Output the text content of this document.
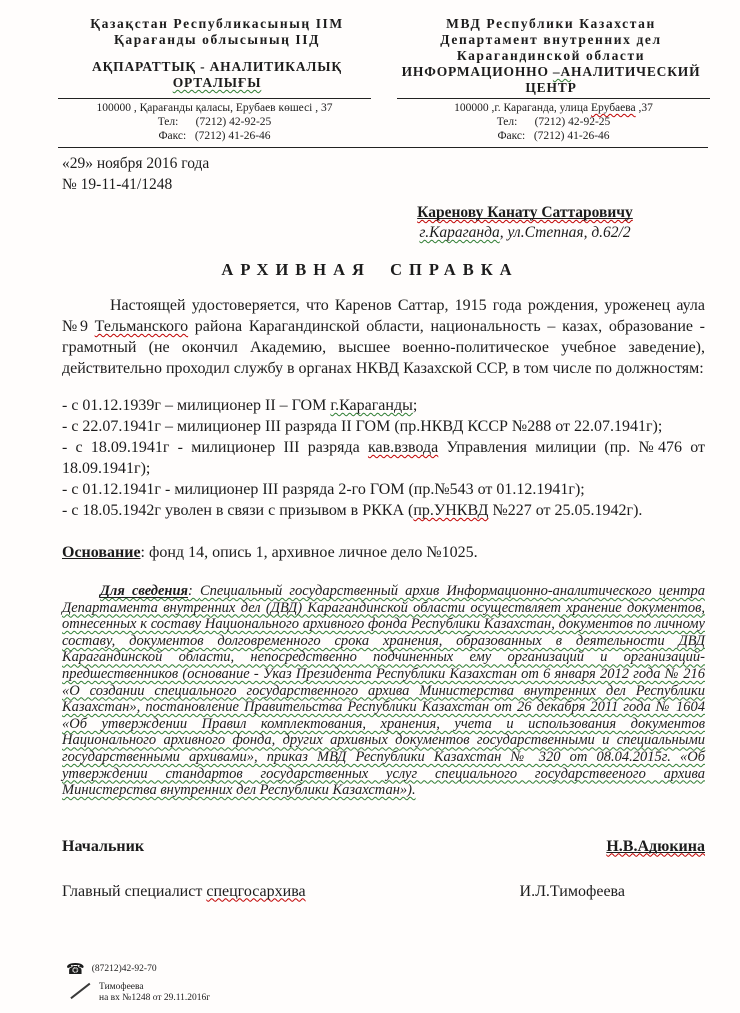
Қазақстан Республикасының ІІМ
Қарағанды облысының ІІД
АҚПАРАТТЫҚ - АНАЛИТИКАЛЫҚ
ОРТАЛЫҒЫ
МВД Республики Казахстан
Департамент внутренних дел
Карагандинской области
ИНФОРМАЦИОННО –АНАЛИТИЧЕСКИЙ
ЦЕНТР
100000 , Қарағанды қаласы, Ерубаев көшесі , 37
Тел:      (7212) 42-92-25
Факс:   (7212) 41-26-46
100000 ,г. Караганда, улица Ерубаева ,37
Тел:      (7212) 42-92-25
Факс:   (7212) 41-26-46
«29» ноября 2016 года
№ 19-11-41/1248
Каренову Канату Саттаровичу
г.Караганда, ул.Степная, д.62/2
АРХИВНАЯ СПРАВКА

Настоящей удостоверяется, что Каренов Саттар, 1915 года рождения, уроженец аула №9 Тельманского района Карагандинской области, национальность – казах, образование - грамотный (не окончил Академию, высшее военно-политическое учебное заведение), действительно проходил службу в органах НКВД Казахской ССР, в том числе по должностям:

- с 01.12.1939г – милиционер II – ГОМ г.Караганды;

- с 22.07.1941г – милиционер III разряда II ГОМ (пр.НКВД КССР №288 от 22.07.1941г);

- с 18.09.1941г - милиционер III разряда кав.взвода Управления милиции (пр. №476 от 18.09.1941г);

- с 01.12.1941г - милиционер III разряда 2-го ГОМ (пр.№543 от 01.12.1941г);

- с 18.05.1942г уволен в связи с призывом в РККА (пр.УНКВД №227 от 25.05.1942г).

Основание: фонд 14, опись 1, архивное личное дело №1025.

Для сведения: Специальный государственный архив Информационно-аналитического центра Департамента внутренних дел (ДВД) Карагандинской области осуществляет хранение документов, отнесенных к составу Национального архивного фонда Республики Казахстан, документов по личному составу, документов долговременного срока хранения, образованных в деятельности ДВД Карагандинской области, непосредственно подчиненных ему организаций и организаций-предшественников (основание - Указ Президента Республики Казахстан от 6 января 2012 года № 216 «О создании специального государственного архива Министерства внутренних дел Республики Казахстан», постановление Правительства Республики Казахстан от 26 декабря 2011 года № 1604 «Об утверждении Правил комплектования, хранения, учета и использования документов Национального архивного фонда, других архивных документов государственными и специальными государственными архивами», приказ МВД Республики Казахстан № 320 от 08.04.2015г. «Об утверждении стандартов государственных услуг специального государствееного архива Министерства внутренних дел Республики Казахстан»).

Начальник	Н.В.Адюкина
Главный специалист спецгосархива	И.Л.Тимофеева
☎ (87212)42-92-70
Тимофеева
на вх №1248 от 29.11.2016г
